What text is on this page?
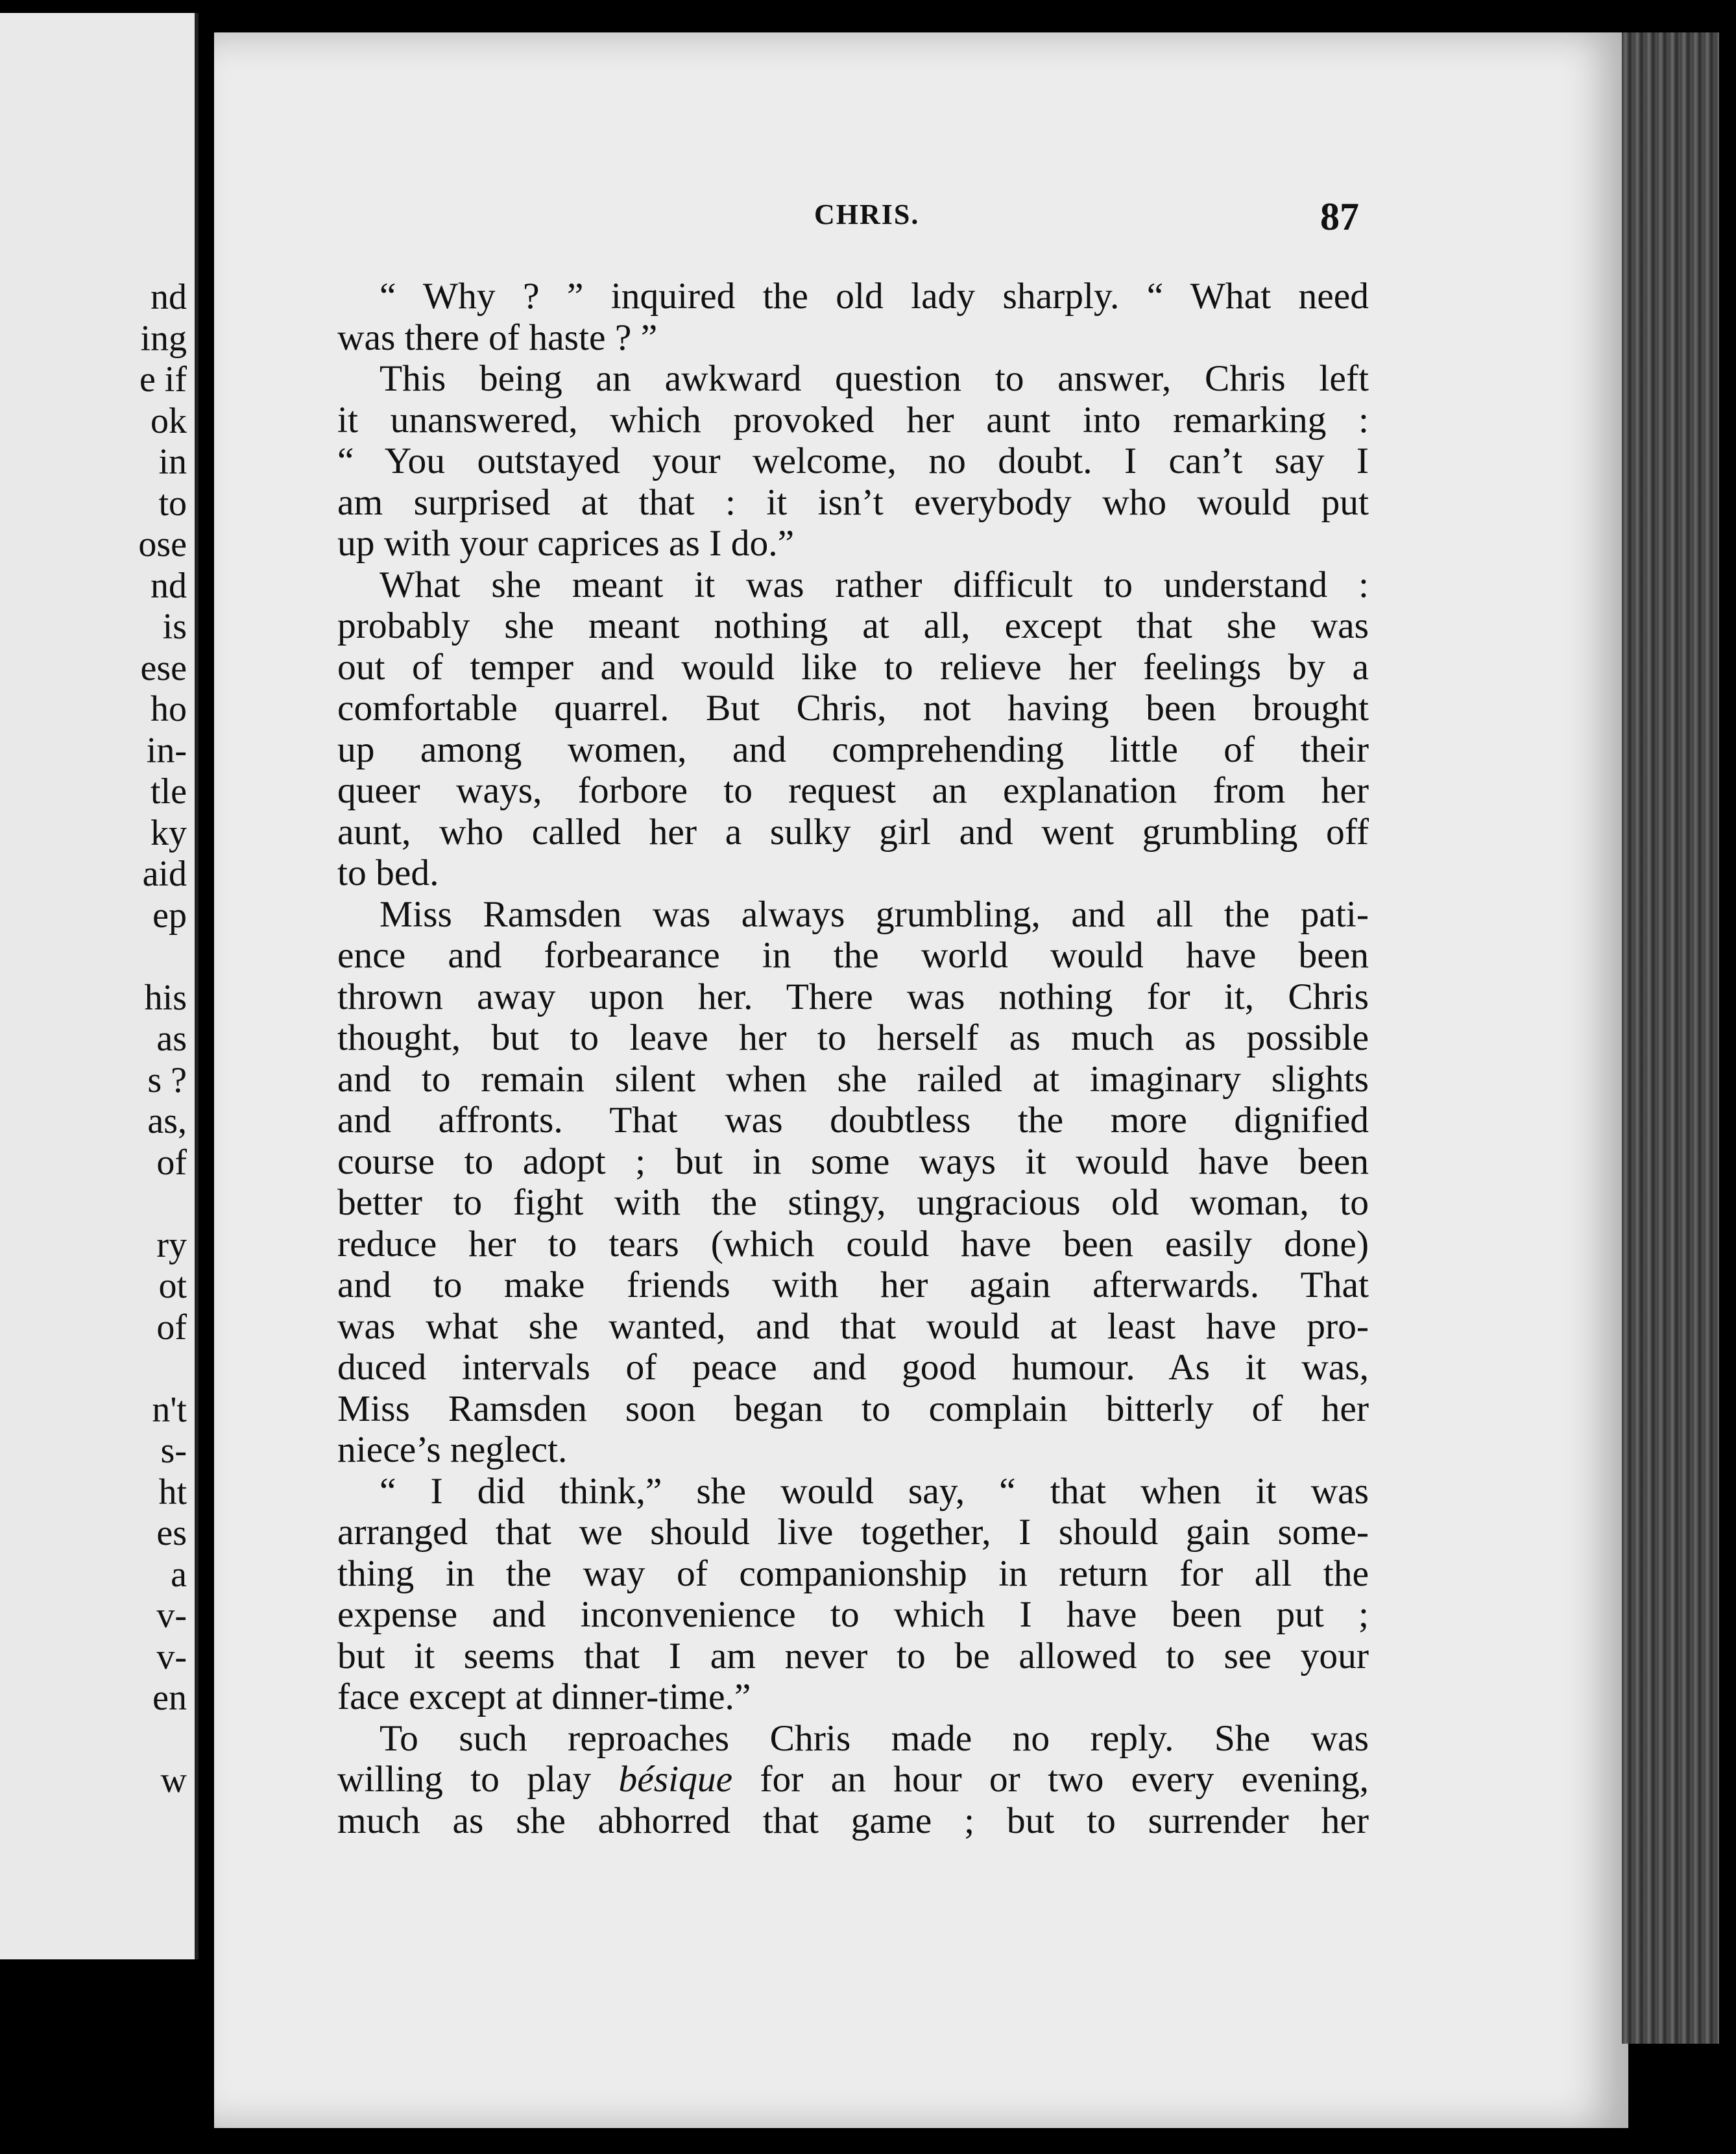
nd
ing
e if
ok
in
to
ose
nd
is
ese
ho
in-
tle
ky
aid
ep
his
as
s ?
as,
of
ry
ot
of
n't
s-
ht
es
a
v-
v-
en
w
CHRIS.	87
“ Why ? ” inquired the old lady sharply. “ What need
was there of haste ? ”
This being an awkward question to answer, Chris left
it unanswered, which provoked her aunt into remarking :
“ You outstayed your welcome, no doubt. I can’t say I
am surprised at that : it isn’t everybody who would put
up with your caprices as I do.”
What she meant it was rather difficult to understand :
probably she meant nothing at all, except that she was
out of temper and would like to relieve her feelings by a
comfortable quarrel. But Chris, not having been brought
up among women, and comprehending little of their
queer ways, forbore to request an explanation from her
aunt, who called her a sulky girl and went grumbling off
to bed.
Miss Ramsden was always grumbling, and all the pati-
ence and forbearance in the world would have been
thrown away upon her. There was nothing for it, Chris
thought, but to leave her to herself as much as possible
and to remain silent when she railed at imaginary slights
and affronts. That was doubtless the more dignified
course to adopt ; but in some ways it would have been
better to fight with the stingy, ungracious old woman, to
reduce her to tears (which could have been easily done)
and to make friends with her again afterwards. That
was what she wanted, and that would at least have pro-
duced intervals of peace and good humour. As it was,
Miss Ramsden soon began to complain bitterly of her
niece’s neglect.
“ I did think,” she would say, “ that when it was
arranged that we should live together, I should gain some-
thing in the way of companionship in return for all the
expense and inconvenience to which I have been put ;
but it seems that I am never to be allowed to see your
face except at dinner-time.”
To such reproaches Chris made no reply. She was
willing to play bésique for an hour or two every evening,
much as she abhorred that game ; but to surrender her
